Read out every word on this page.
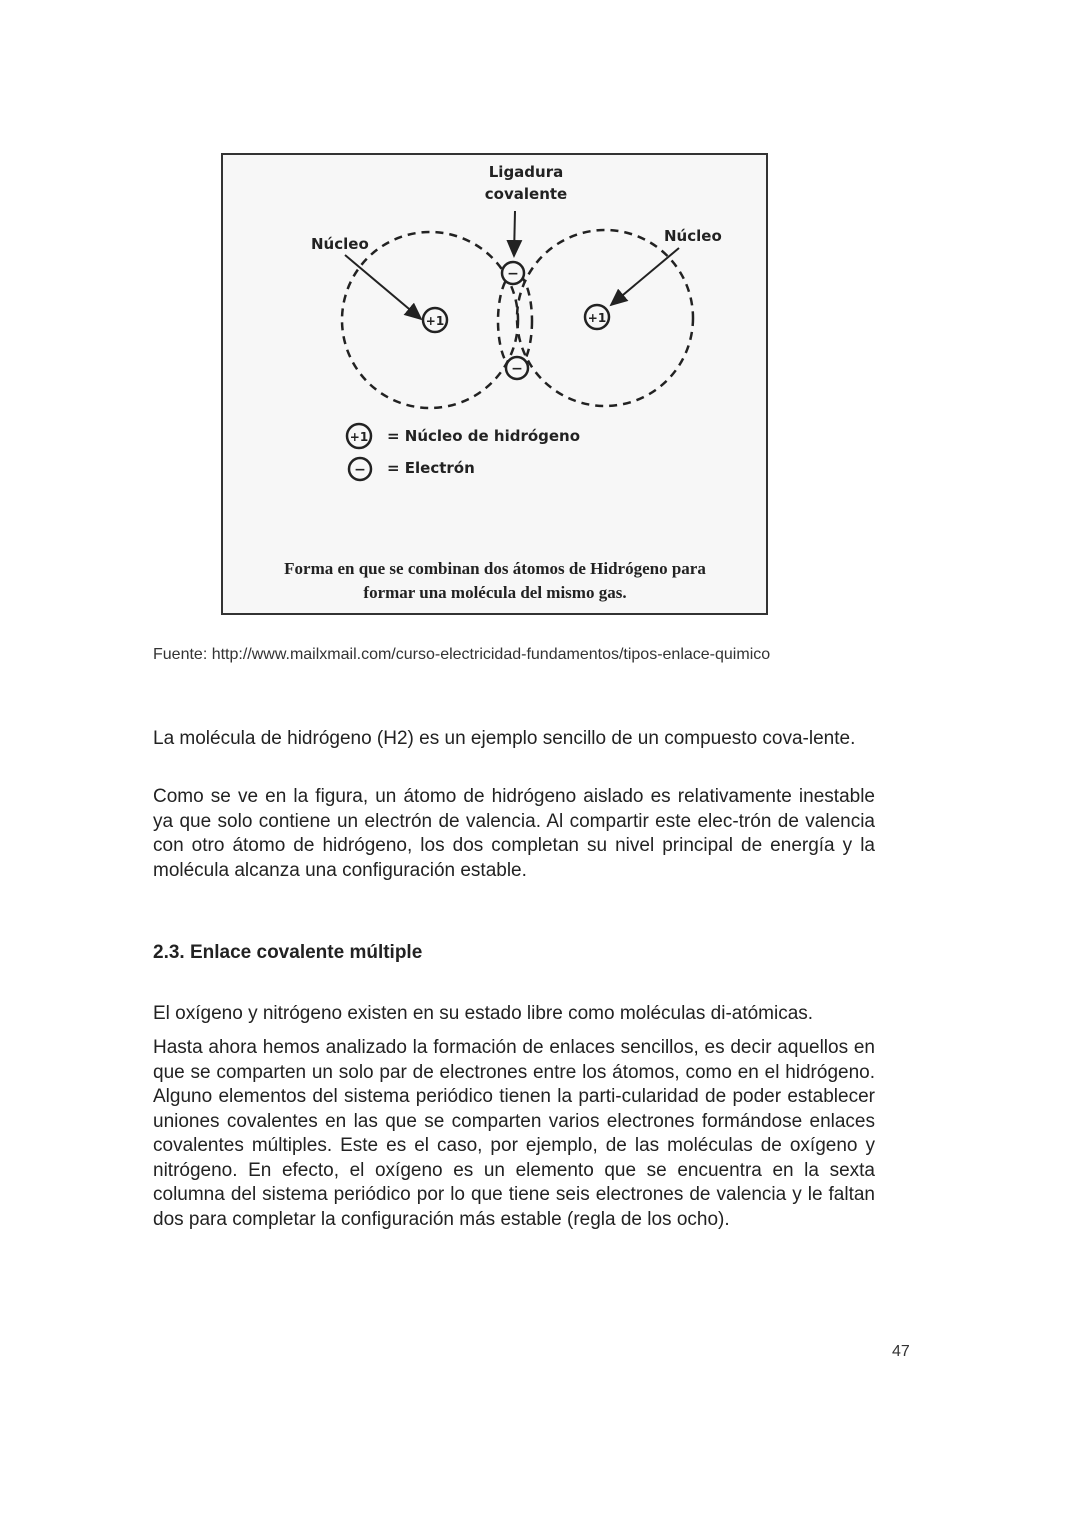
Ligadura
covalente
Núcleo	Núcleo
+1	+1
−
−
+1
−
= Núcleo de hidrógeno
= Electrón
Forma en que se combinan dos átomos de Hidrógeno para
formar una molécula del mismo gas.
Fuente: http://www.mailxmail.com/curso-electricidad-fundamentos/tipos-enlace-quimico

La molécula de hidrógeno (H2) es un ejemplo sencillo de un compuesto cova-lente.

Como se ve en la figura, un átomo de hidrógeno aislado es relativamente inestable ya que solo contiene un electrón de valencia. Al compartir este elec-trón de valencia con otro átomo de hidrógeno, los dos completan su nivel principal de energía y la molécula alcanza una configuración estable.

2.3. Enlace covalente múltiple

El oxígeno y nitrógeno existen en su estado libre como moléculas di-atómicas.

Hasta ahora hemos analizado la formación de enlaces sencillos, es decir aquellos en que se comparten un solo par de electrones entre los átomos, como en el hidrógeno. Alguno elementos del sistema periódico tienen la parti-cularidad de poder establecer uniones covalentes en las que se comparten varios electrones formándose enlaces covalentes múltiples. Este es el caso, por ejemplo, de las moléculas de oxígeno y nitrógeno. En efecto, el oxígeno es un elemento que se encuentra en la sexta columna del sistema periódico por lo que tiene seis electrones de valencia y le faltan dos para completar la configuración más estable (regla de los ocho).

47
